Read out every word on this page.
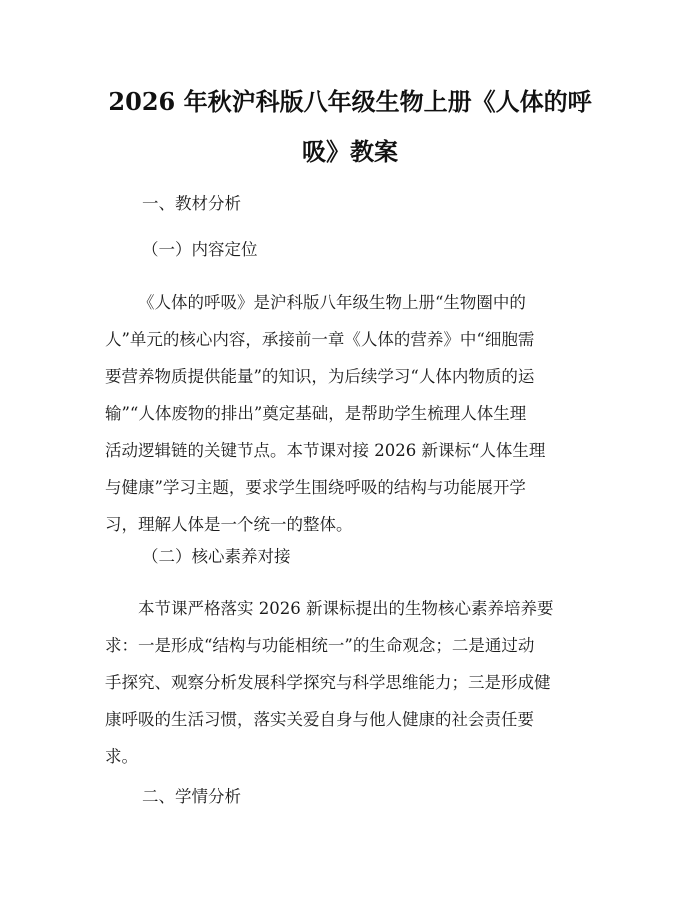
2026 年秋沪科版八年级生物上册《人体的呼
吸》教案

一、教材分析

（一）内容定位

《人体的呼吸》是沪科版八年级生物上册“生物圈中的
人”单元的核心内容，承接前一章《人体的营养》中“细胞需
要营养物质提供能量”的知识，为后续学习“人体内物质的运
输”“人体废物的排出”奠定基础，是帮助学生梳理人体生理
活动逻辑链的关键节点。本节课对接 2026 新课标“人体生理
与健康”学习主题，要求学生围绕呼吸的结构与功能展开学
习，理解人体是一个统一的整体。

（二）核心素养对接

本节课严格落实 2026 新课标提出的生物核心素养培养要
求：一是形成“结构与功能相统一”的生命观念；二是通过动
手探究、观察分析发展科学探究与科学思维能力；三是形成健
康呼吸的生活习惯，落实关爱自身与他人健康的社会责任要
求。

二、学情分析
